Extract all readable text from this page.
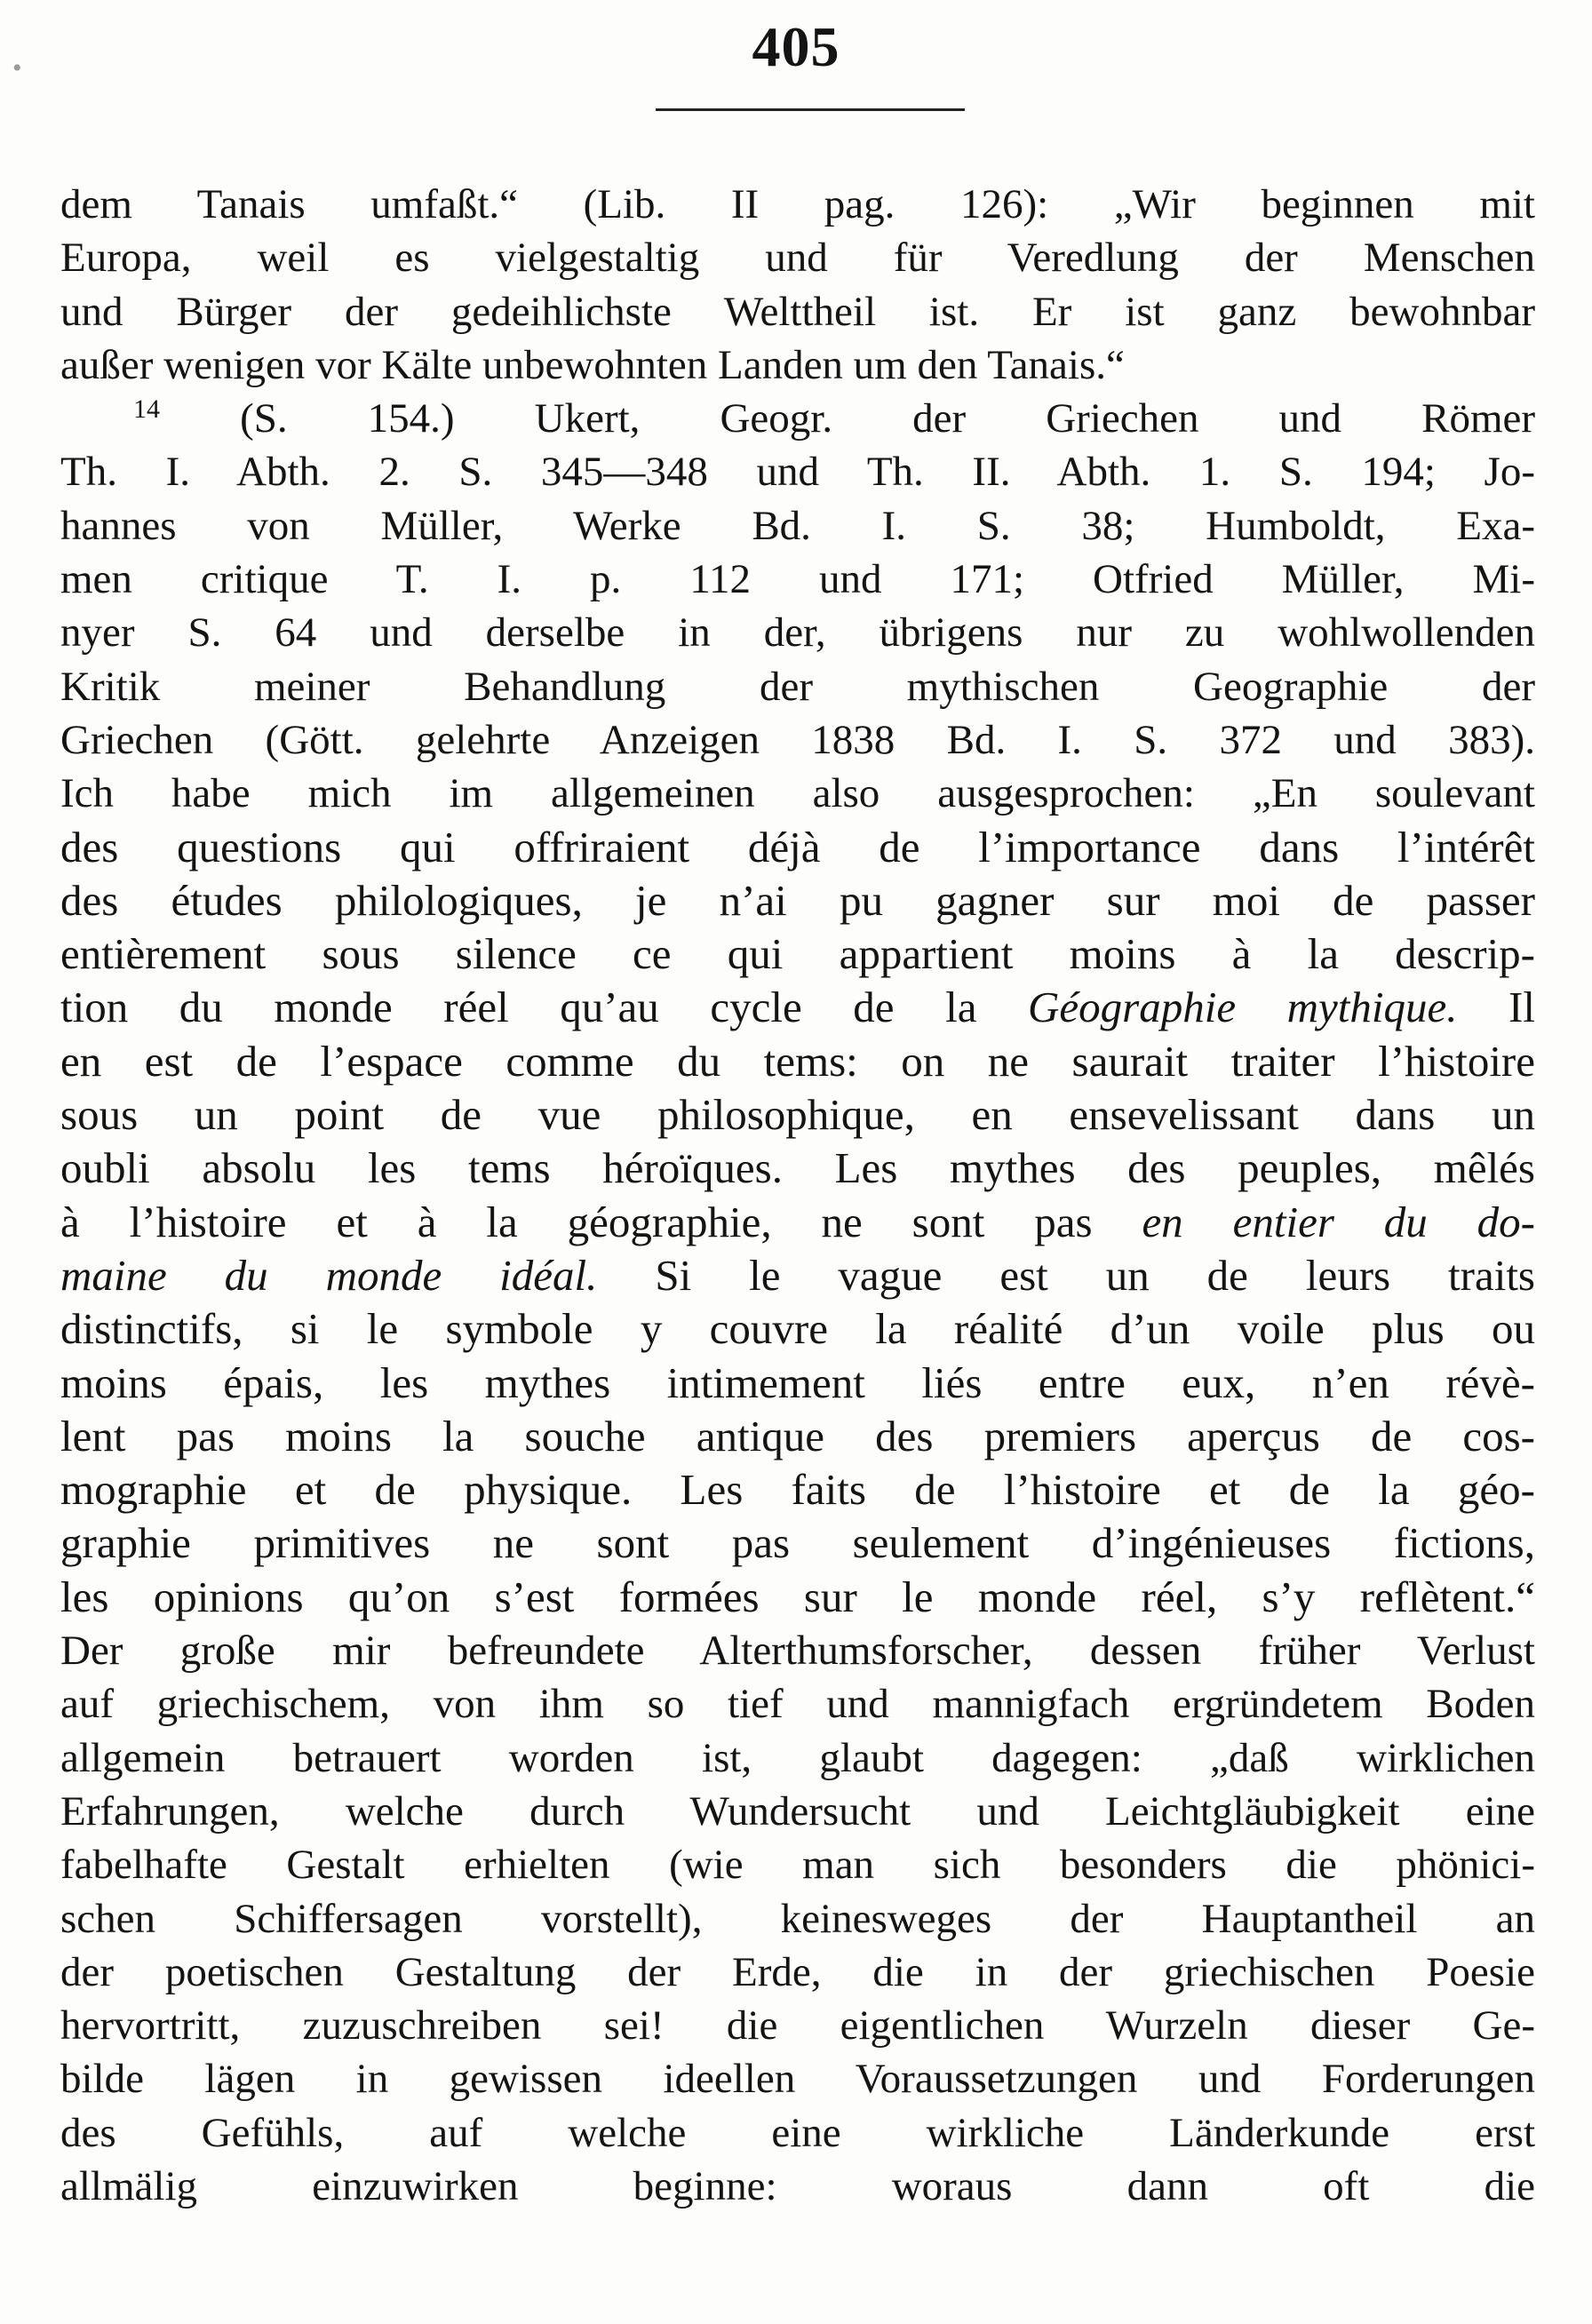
•	405
dem Tanais umfaßt.“ (Lib. II pag. 126): „Wir beginnen mit
Europa, weil es vielgestaltig und für Veredlung der Menschen
und Bürger der gedeihlichste Welttheil ist. Er ist ganz bewohnbar
außer wenigen vor Kälte unbewohnten Landen um den Tanais.“
$^{14}$ (S. 154.) Ukert, Geogr. der Griechen und Römer
Th. I. Abth. 2. S. 345—348 und Th. II. Abth. 1. S. 194; Jo-
hannes von Müller, Werke Bd. I. S. 38; Humboldt, Exa-
men critique T. I. p. 112 und 171; Otfried Müller, Mi-
nyer S. 64 und derselbe in der, übrigens nur zu wohlwollenden
Kritik meiner Behandlung der mythischen Geographie der
Griechen (Gött. gelehrte Anzeigen 1838 Bd. I. S. 372 und 383).
Ich habe mich im allgemeinen also ausgesprochen: „En soulevant
des questions qui offriraient déjà de l’importance dans l’intérêt
des études philologiques, je n’ai pu gagner sur moi de passer
entièrement sous silence ce qui appartient moins à la descrip-
tion du monde réel qu’au cycle de la Géographie mythique. Il
en est de l’espace comme du tems: on ne saurait traiter l’histoire
sous un point de vue philosophique, en ensevelissant dans un
oubli absolu les tems héroïques. Les mythes des peuples, mêlés
à l’histoire et à la géographie, ne sont pas en entier du do-
maine du monde idéal. Si le vague est un de leurs traits
distinctifs, si le symbole y couvre la réalité d’un voile plus ou
moins épais, les mythes intimement liés entre eux, n’en révè-
lent pas moins la souche antique des premiers aperçus de cos-
mographie et de physique. Les faits de l’histoire et de la géo-
graphie primitives ne sont pas seulement d’ingénieuses fictions,
les opinions qu’on s’est formées sur le monde réel, s’y reflètent.“
Der große mir befreundete Alterthumsforscher, dessen früher Verlust
auf griechischem, von ihm so tief und mannigfach ergründetem Boden
allgemein betrauert worden ist, glaubt dagegen: „daß wirklichen
Erfahrungen, welche durch Wundersucht und Leichtgläubigkeit eine
fabelhafte Gestalt erhielten (wie man sich besonders die phönici-
schen Schiffersagen vorstellt), keinesweges der Hauptantheil an
der poetischen Gestaltung der Erde, die in der griechischen Poesie
hervortritt, zuzuschreiben sei! die eigentlichen Wurzeln dieser Ge-
bilde lägen in gewissen ideellen Voraussetzungen und Forderungen
des Gefühls, auf welche eine wirkliche Länderkunde erst
allmälig einzuwirken beginne: woraus dann oft die
